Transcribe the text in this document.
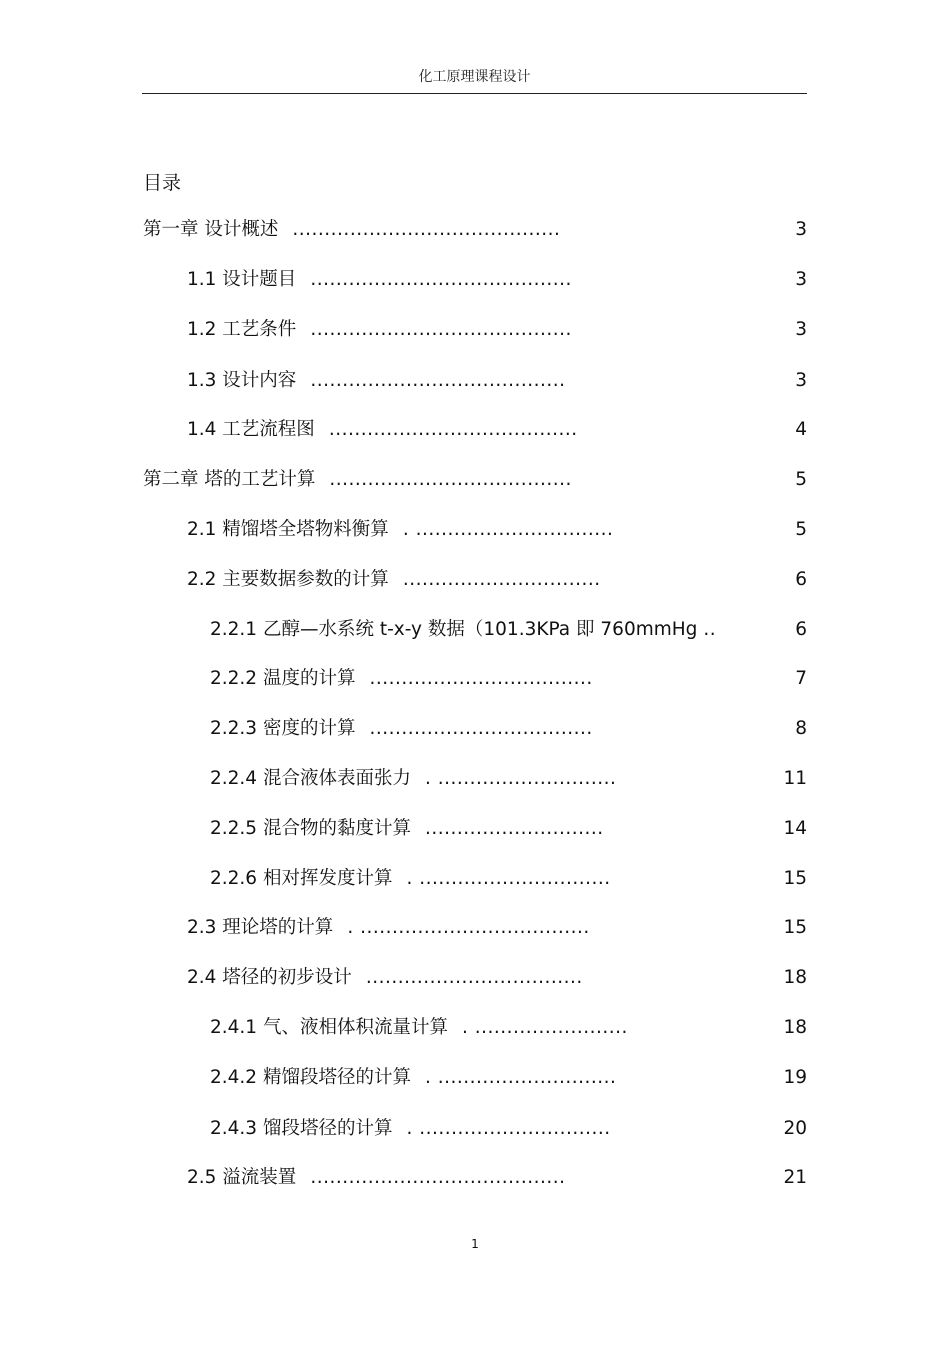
化工原理课程设计
目录
第一章 设计概述 ..........................................	3
1.1 设计题目 .........................................	3
1.2 工艺条件 .........................................	3
1.3 设计内容 ........................................	3
1.4 工艺流程图 .......................................	4
第二章 塔的工艺计算 ......................................	5
2.1 精馏塔全塔物料衡算 . ...............................	5
2.2 主要数据参数的计算 ...............................	6
2.2.1 乙醇—水系统 t-x-y 数据（101.3KPa 即 760mmHg ..	6
2.2.2 温度的计算 ...................................	7
2.2.3 密度的计算 ...................................	8
2.2.4 混合液体表面张力 . ............................	11
2.2.5 混合物的黏度计算 ............................	14
2.2.6 相对挥发度计算 . ..............................	15
2.3 理论塔的计算 . ....................................	15
2.4 塔径的初步设计 ..................................	18
2.4.1 气、液相体积流量计算 . ........................	18
2.4.2 精馏段塔径的计算 . ............................	19
2.4.3 馏段塔径的计算 . ..............................	20
2.5 溢流装置 ........................................	21
1
